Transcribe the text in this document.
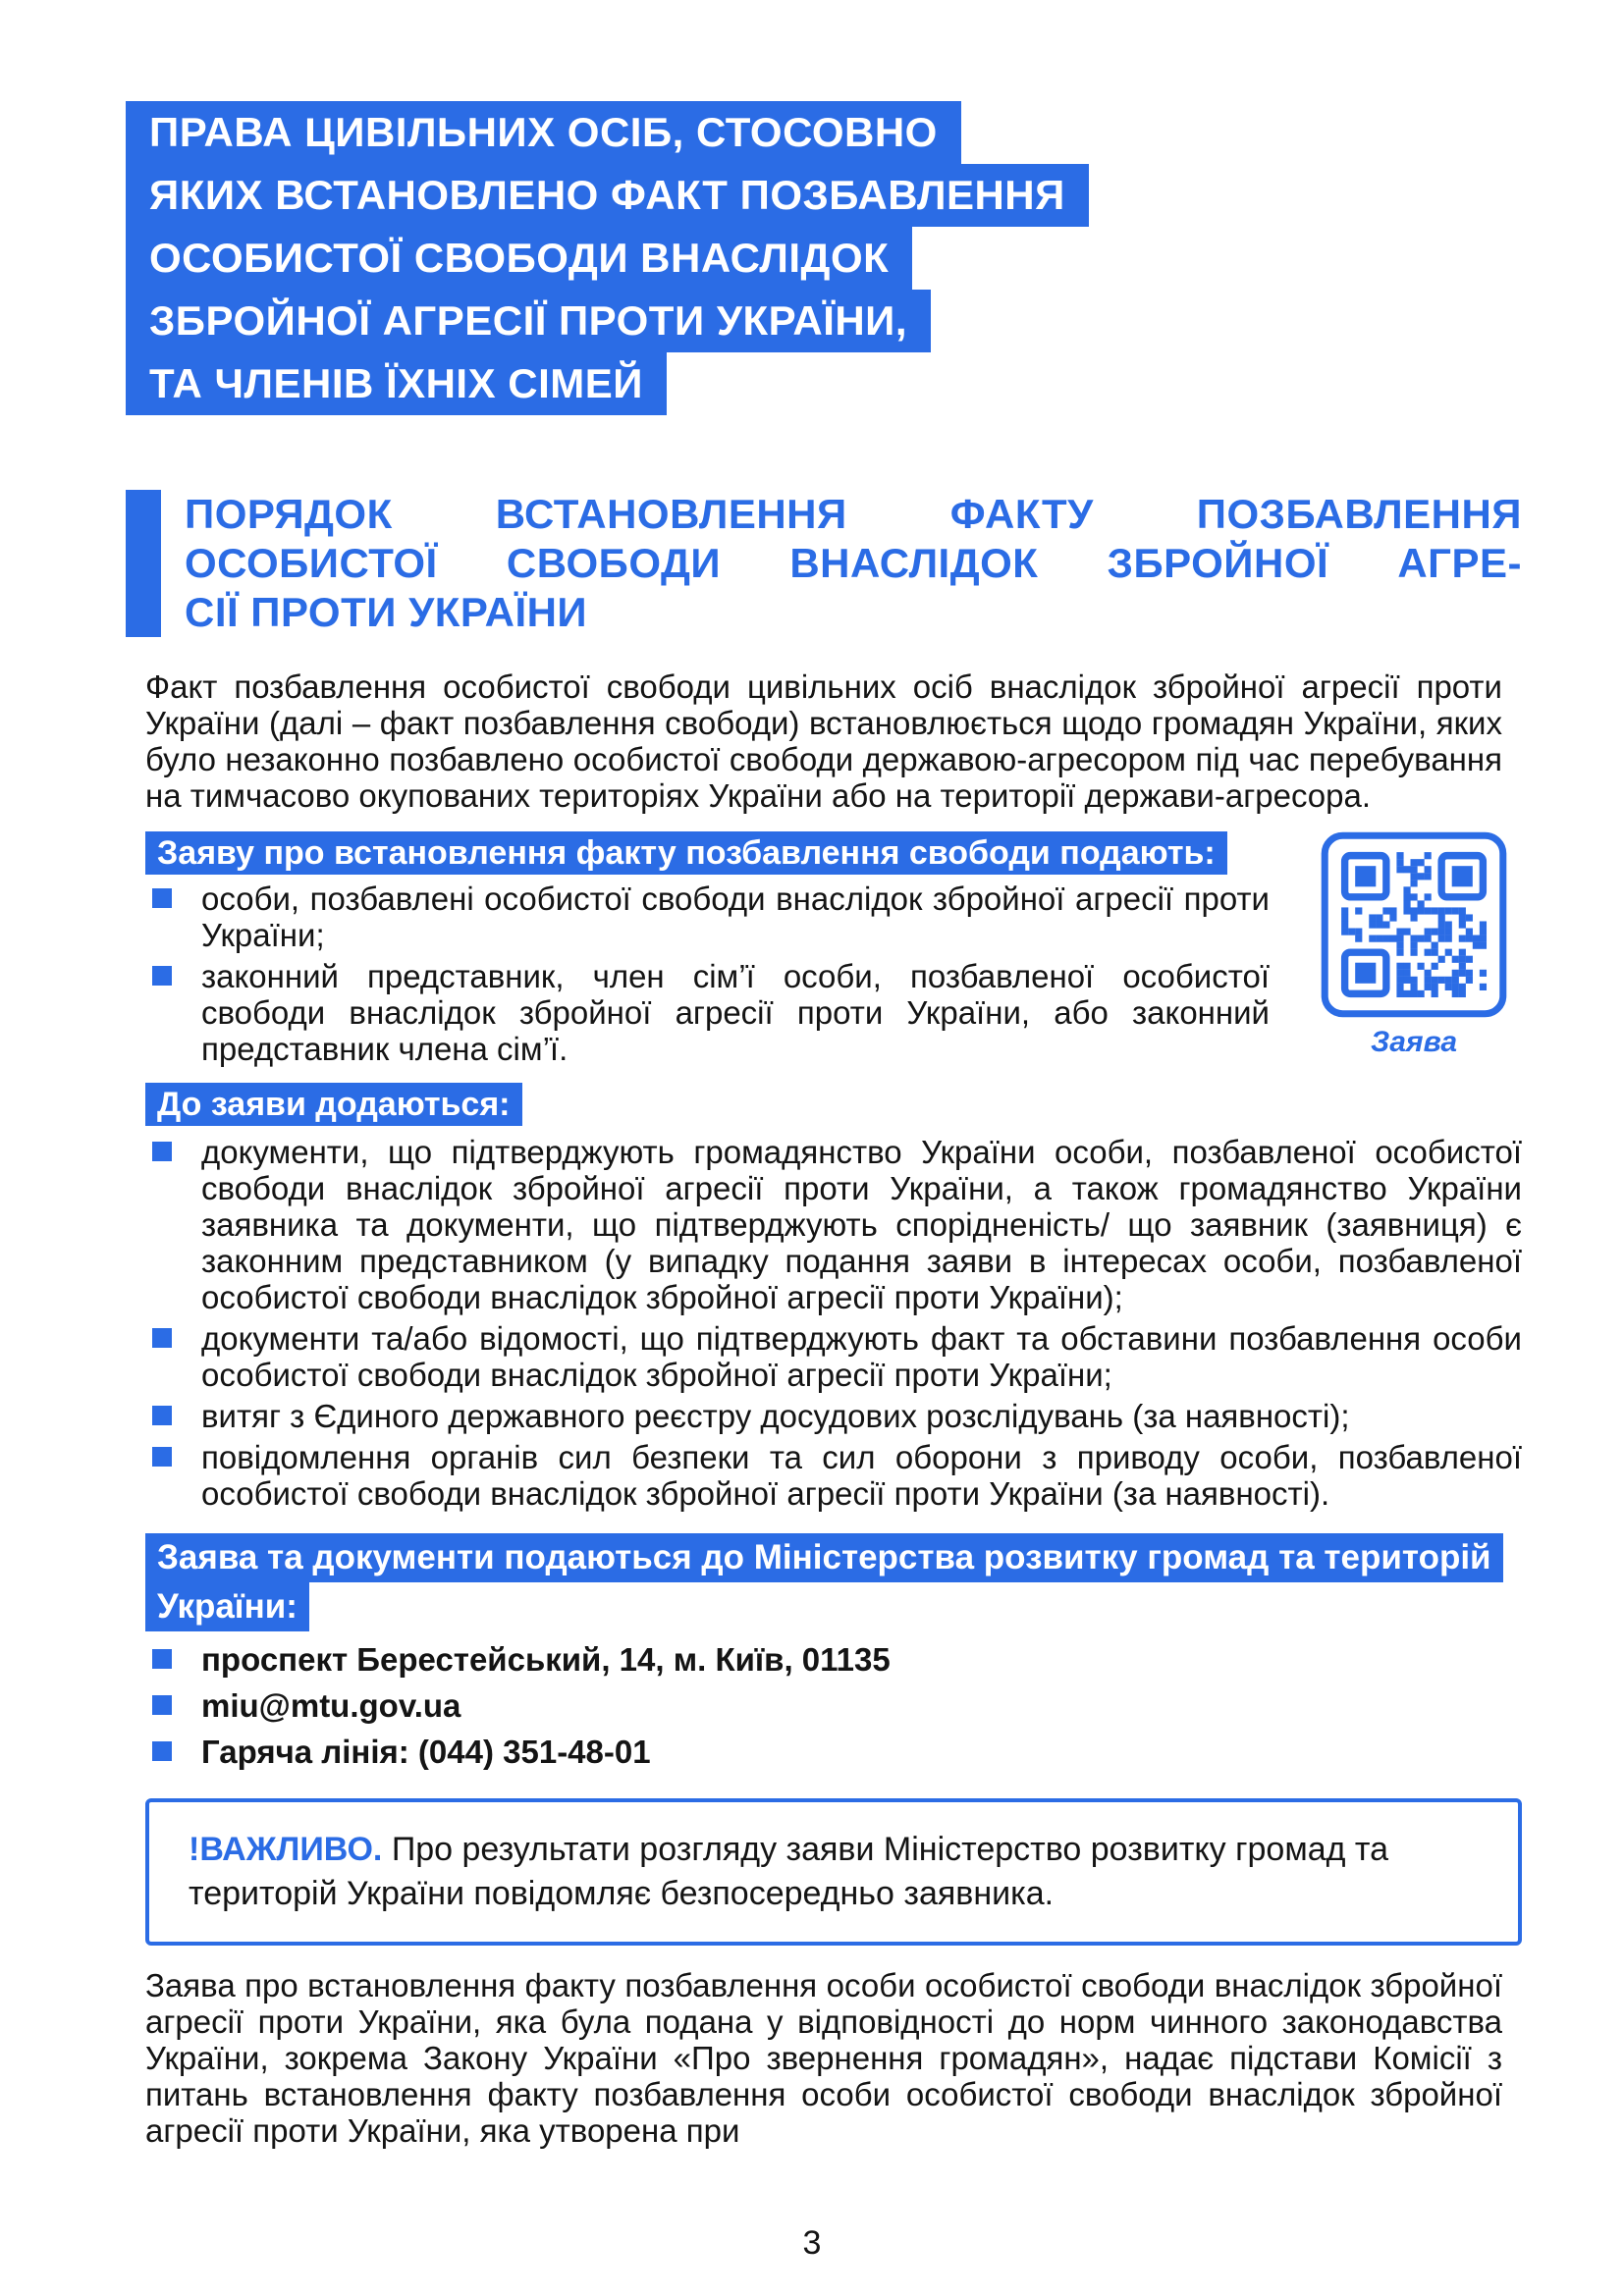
ПРАВА ЦИВІЛЬНИХ ОСІБ, СТОСОВНО
ЯКИХ ВСТАНОВЛЕНО ФАКТ ПОЗБАВЛЕННЯ
ОСОБИСТОЇ СВОБОДИ ВНАСЛІДОК
ЗБРОЙНОЇ АГРЕСІЇ ПРОТИ УКРАЇНИ,
ТА ЧЛЕНІВ ЇХНІХ СІМЕЙ
ПОРЯДОК ВСТАНОВЛЕННЯ ФАКТУ ПОЗБАВЛЕННЯ
ОСОБИСТОЇ СВОБОДИ ВНАСЛІДОК ЗБРОЙНОЇ АГРЕ-
СІЇ ПРОТИ УКРАЇНИ

Факт позбавлення особистої свободи цивільних осіб внаслідок збройної агресії проти України (далі – факт позбавлення свободи) встановлюється щодо громадян України, яких було незаконно позбавлено особистої свободи державою-агресором під час перебування на тимчасово окупованих територіях України або на території держави-агресора.

Заяву про встановлення факту позбавлення свободи подають:
особи, позбавлені особистої свободи внаслідок збройної агресії проти України;
законний представник, член сім’ї особи, позбавленої особистої свободи внаслідок збройної агресії проти України, або законний представник члена сім’ї.	Заява
До заяви додаються:
документи, що підтверджують громадянство України особи, позбавленої особистої свободи внаслідок збройної агресії проти України, а також громадянство України заявника та документи, що підтверджують спорідненість/ що заявник (заявниця) є законним представником (у випадку подання заяви в інтересах особи, позбавленої особистої свободи внаслідок збройної агресії проти України);
документи та/або відомості, що підтверджують факт та обставини позбавлення особи особистої свободи внаслідок збройної агресії проти України;
витяг з Єдиного державного реєстру досудових розслідувань (за наявності);
повідомлення органів сил безпеки та сил оборони з приводу особи, позбавленої особистої свободи внаслідок збройної агресії проти України (за наявності).
Заява та документи подаються до Міністерства розвитку громад та територій
України:
проспект Берестейський, 14, м. Київ, 01135
miu@mtu.gov.ua
Гаряча лінія: (044) 351-48-01
!ВАЖЛИВО. Про результати розгляду заяви Міністерство розвитку громад та територій України повідомляє безпосередньо заявника.

Заява про встановлення факту позбавлення особи особистої свободи внаслідок збройної агресії проти України, яка була подана у відповідності до норм чинного законодавства України, зокрема Закону України «Про звернення громадян», надає підстави Комісії з питань встановлення факту позбавлення особи особистої свободи внаслідок збройної агресії проти України, яка утворена при

3
